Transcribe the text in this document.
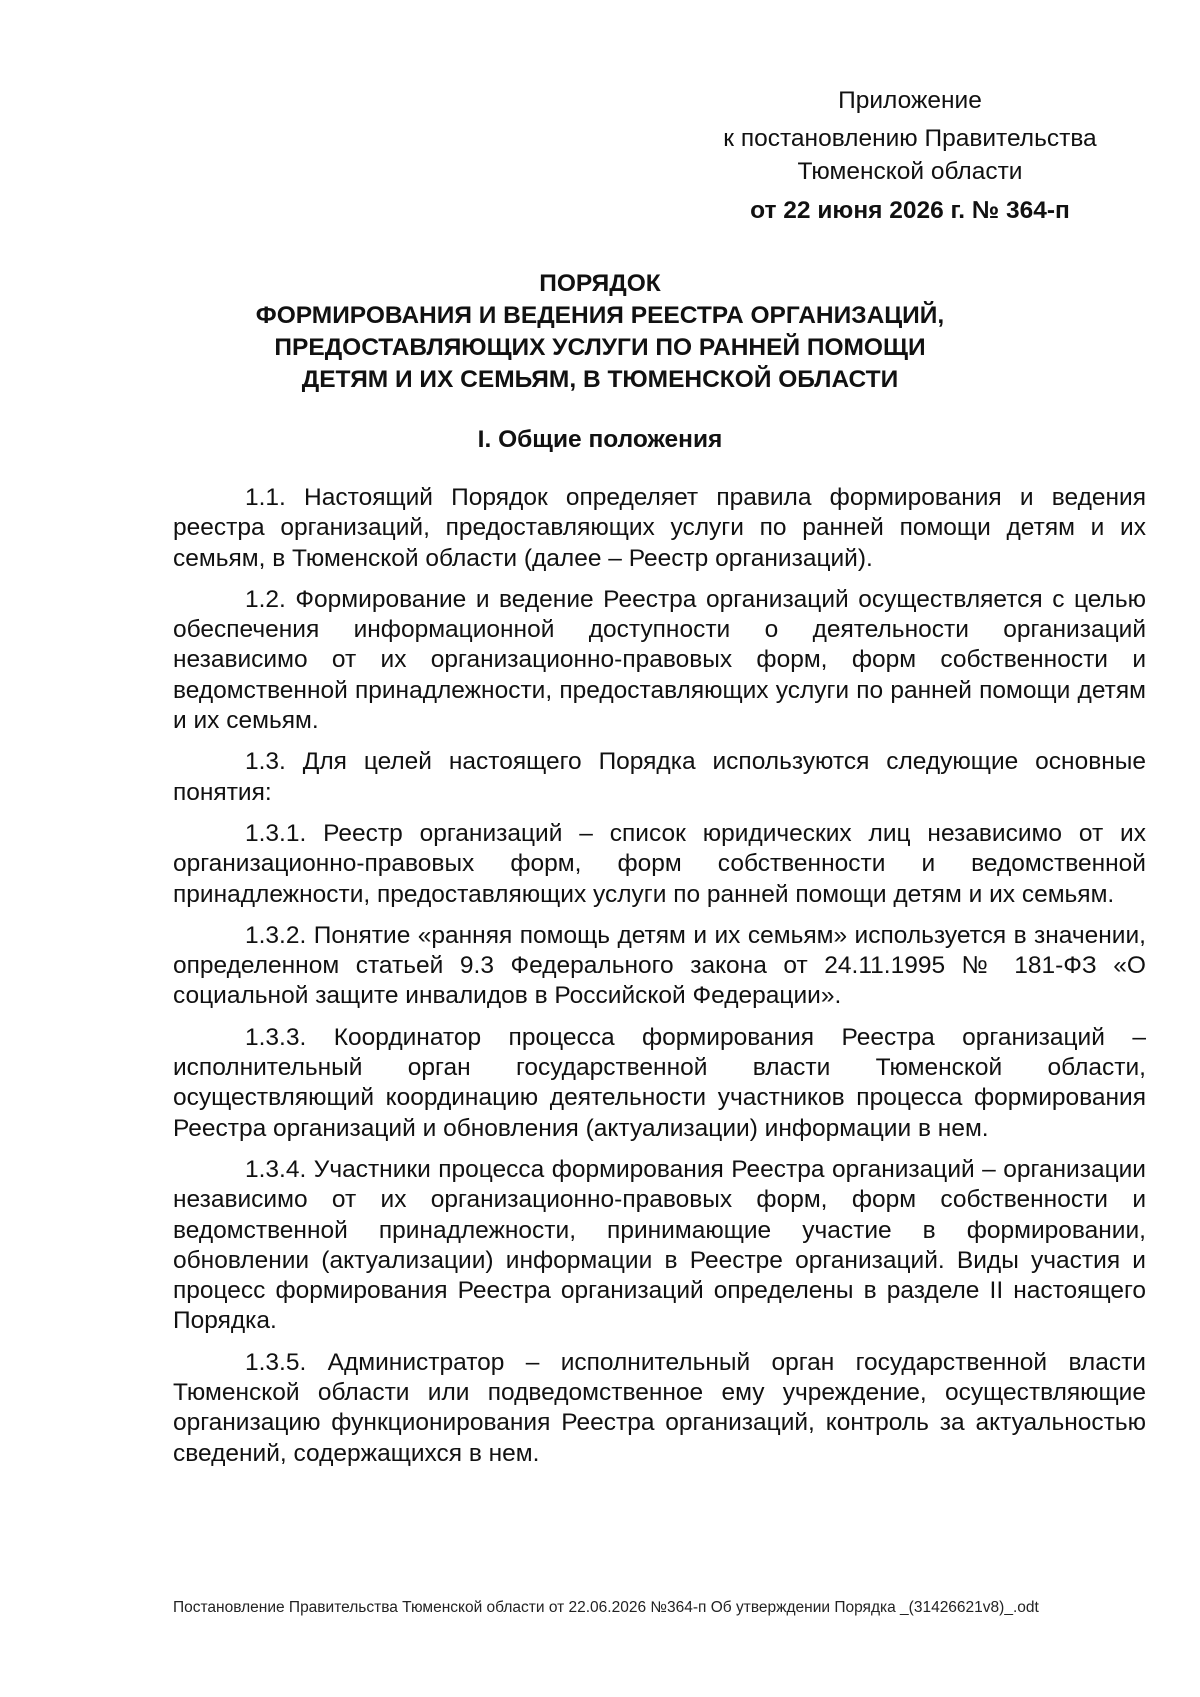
Приложение
к постановлению Правительства
Тюменской области
от 22 июня 2026 г. № 364-п
ПОРЯДОК
ФОРМИРОВАНИЯ И ВЕДЕНИЯ РЕЕСТРА ОРГАНИЗАЦИЙ,
ПРЕДОСТАВЛЯЮЩИХ УСЛУГИ ПО РАННЕЙ ПОМОЩИ
ДЕТЯМ И ИХ СЕМЬЯМ, В ТЮМЕНСКОЙ ОБЛАСТИ
I. Общие положения

1.1. Настоящий Порядок определяет правила формирования и ведения реестра организаций, предоставляющих услуги по ранней помощи детям и их семьям, в Тюменской области (далее – Реестр организаций).

1.2. Формирование и ведение Реестра организаций осуществляется с целью обеспечения информационной доступности о деятельности организаций независимо от их организационно-правовых форм, форм собственности и ведомственной принадлежности, предоставляющих услуги по ранней помощи детям и их семьям.

1.3. Для целей настоящего Порядка используются следующие основные понятия:

1.3.1. Реестр организаций – список юридических лиц независимо от их организационно-правовых форм, форм собственности и ведомственной принадлежности, предоставляющих услуги по ранней помощи детям и их семьям.

1.3.2. Понятие «ранняя помощь детям и их семьям» используется в значении, определенном статьей 9.3 Федерального закона от 24.11.1995 № 181-ФЗ «О социальной защите инвалидов в Российской Федерации».

1.3.3. Координатор процесса формирования Реестра организаций – исполнительный орган государственной власти Тюменской области, осуществляющий координацию деятельности участников процесса формирования Реестра организаций и обновления (актуализации) информации в нем.

1.3.4. Участники процесса формирования Реестра организаций – организации независимо от их организационно-правовых форм, форм собственности и ведомственной принадлежности, принимающие участие в формировании, обновлении (актуализации) информации в Реестре организаций. Виды участия и процесс формирования Реестра организаций определены в разделе II настоящего Порядка.

1.3.5. Администратор – исполнительный орган государственной власти Тюменской области или подведомственное ему учреждение, осуществляющие организацию функционирования Реестра организаций, контроль за актуальностью сведений, содержащихся в нем.

Постановление Правительства Тюменской области от 22.06.2026 №364-п Об утверждении Порядка _(31426621v8)_.odt
